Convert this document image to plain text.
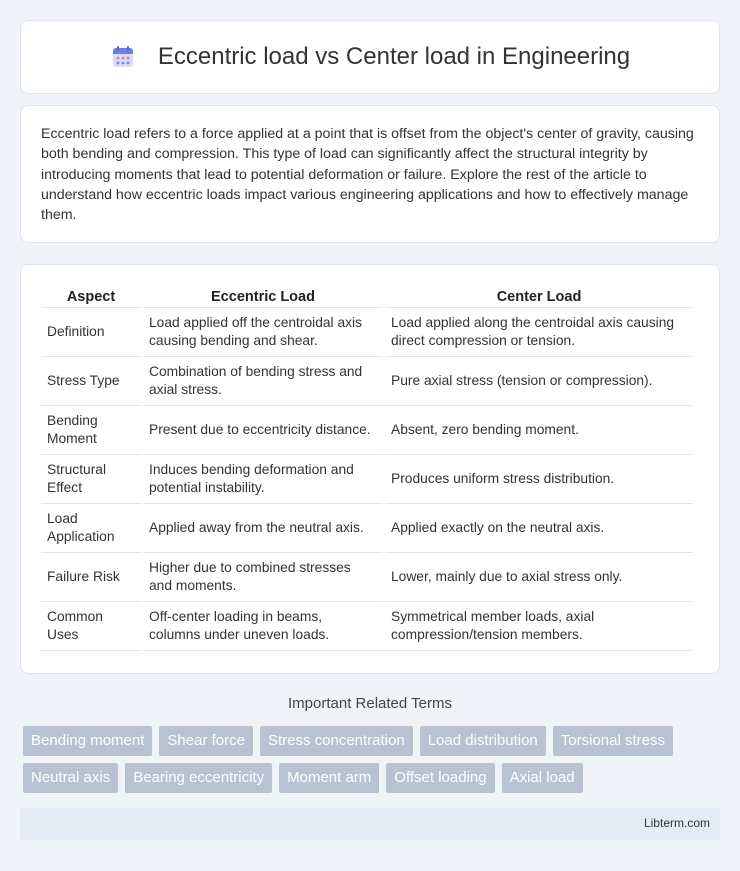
Eccentric load vs Center load in Engineering

Eccentric load refers to a force applied at a point that is offset from the object's center of gravity, causing both bending and compression. This type of load can significantly affect the structural integrity by introducing moments that lead to potential deformation or failure. Explore the rest of the article to understand how eccentric loads impact various engineering applications and how to effectively manage them.

Aspect	Eccentric Load	Center Load
Definition	Load applied off the centroidal axis causing bending and shear.	Load applied along the centroidal axis causing direct compression or tension.
Stress Type	Combination of bending stress and axial stress.	Pure axial stress (tension or compression).
Bending Moment	Present due to eccentricity distance.	Absent, zero bending moment.
Structural Effect	Induces bending deformation and potential instability.	Produces uniform stress distribution.
Load Application	Applied away from the neutral axis.	Applied exactly on the neutral axis.
Failure Risk	Higher due to combined stresses and moments.	Lower, mainly due to axial stress only.
Common Uses	Off-center loading in beams, columns under uneven loads.	Symmetrical member loads, axial compression/tension members.
Important Related Terms
Bending moment	Shear force	Stress concentration	Load distribution	Torsional stress
Neutral axis	Bearing eccentricity	Moment arm	Offset loading	Axial load
Libterm.com
